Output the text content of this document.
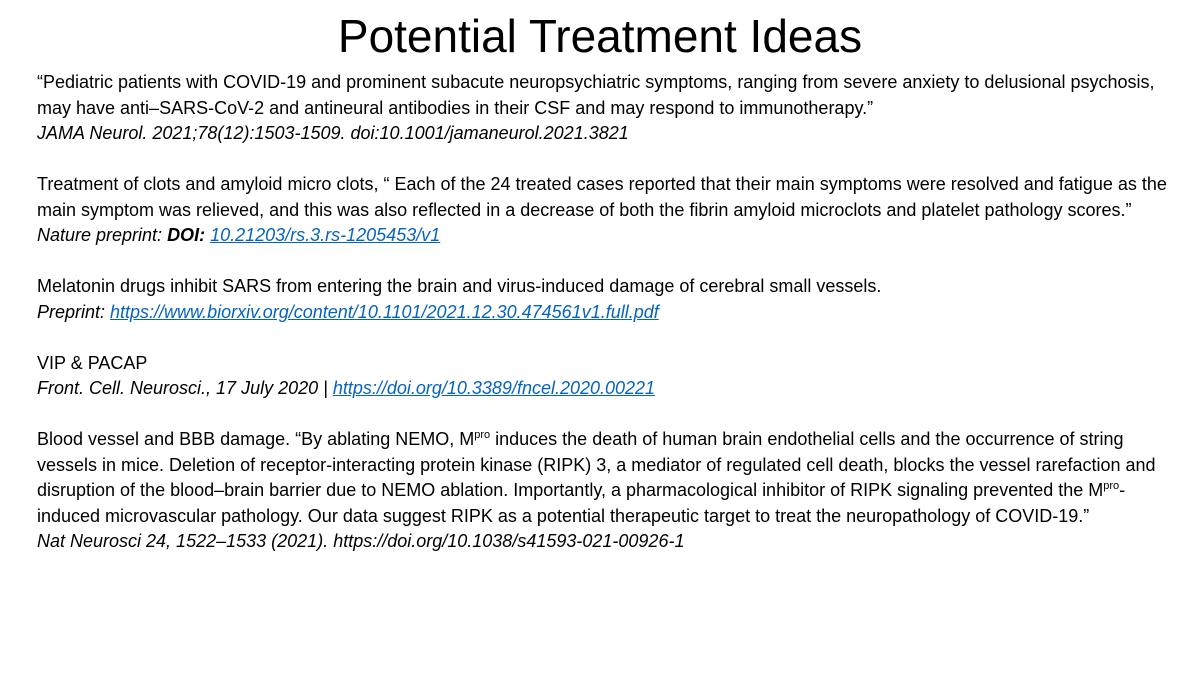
Potential Treatment Ideas

“Pediatric patients with COVID-19 and prominent subacute neuropsychiatric symptoms, ranging from severe anxiety to delusional psychosis, may have anti–SARS-CoV-2 and antineural antibodies in their CSF and may respond to immunotherapy.”

JAMA Neurol. 2021;78(12):1503-1509. doi:10.1001/jamaneurol.2021.3821

Treatment of clots and amyloid micro clots, “ Each of the 24 treated cases reported that their main symptoms were resolved and fatigue as the main symptom was relieved, and this was also reflected in a decrease of both the fibrin amyloid microclots and platelet pathology scores.”

Nature preprint: DOI: 10.21203/rs.3.rs-1205453/v1

Melatonin drugs inhibit SARS from entering the brain and virus-induced damage of cerebral small vessels.

Preprint: https://www.biorxiv.org/content/10.1101/2021.12.30.474561v1.full.pdf

VIP & PACAP

Front. Cell. Neurosci., 17 July 2020 | https://doi.org/10.3389/fncel.2020.00221

Blood vessel and BBB damage. “By ablating NEMO, $M^{pro}$ induces the death of human brain endothelial cells and the occurrence of string vessels in mice. Deletion of receptor-interacting protein kinase (RIPK) 3, a mediator of regulated cell death, blocks the vessel rarefaction and disruption of the blood–brain barrier due to NEMO ablation. Importantly, a pharmacological inhibitor of RIPK signaling prevented the $M^{pro}$-induced microvascular pathology. Our data suggest RIPK as a potential therapeutic target to treat the neuropathology of COVID-19.”

Nat Neurosci 24, 1522–1533 (2021). https://doi.org/10.1038/s41593-021-00926-1
